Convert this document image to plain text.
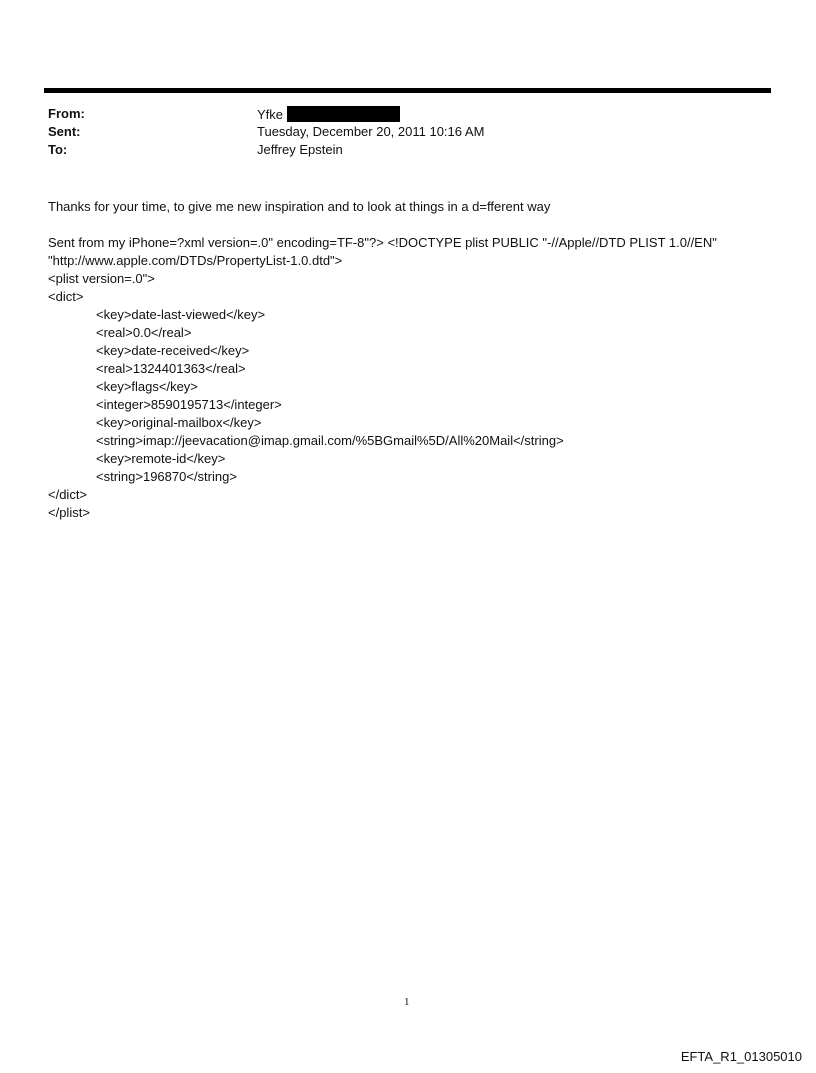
From:	Yfke
Sent:	Tuesday, December 20, 2011 10:16 AM
To:	Jeffrey Epstein
Thanks for your time, to give me new inspiration and to look at things in a d=fferent way
Sent from my iPhone=?xml version=.0" encoding=TF-8"?> <!DOCTYPE plist PUBLIC "-//Apple//DTD PLIST 1.0//EN"
"http://www.apple.com/DTDs/PropertyList-1.0.dtd">
<plist version=.0">
<dict>
<key>date-last-viewed</key>
<real>0.0</real>
<key>date-received</key>
<real>1324401363</real>
<key>flags</key>
<integer>8590195713</integer>
<key>original-mailbox</key>
<string>imap://jeevacation@imap.gmail.com/%5BGmail%5D/All%20Mail</string>
<key>remote-id</key>
<string>196870</string>
</dict>
</plist>
1
EFTA_R1_01305010
